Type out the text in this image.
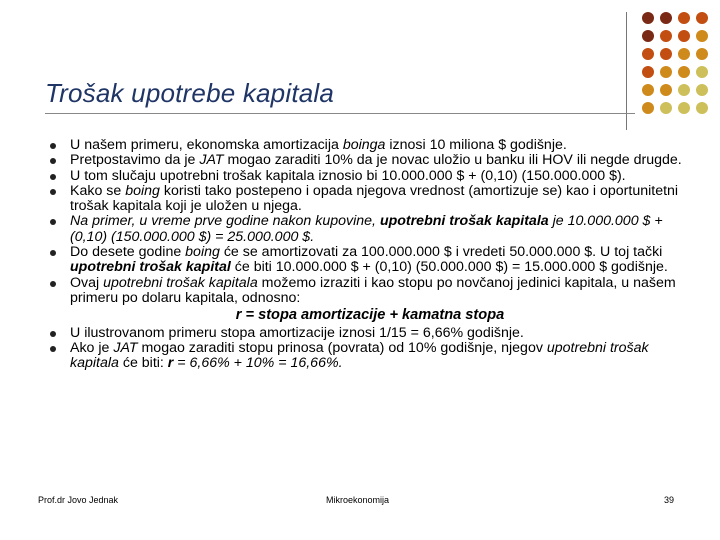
Trošak upotrebe kapitala
U našem primeru, ekonomska amortizacija boinga iznosi 10 miliona $ godišnje.
Pretpostavimo da je JAT mogao zaraditi 10% da je novac uložio u banku ili HOV ili negde drugde.
U tom slučaju upotrebni trošak kapitala iznosio bi 10.000.000 $ + (0,10) (150.000.000 $).
Kako se boing koristi tako postepeno i opada njegova vrednost (amortizuje se) kao i oportunitetni trošak kapitala koji je uložen u njega.
Na primer, u vreme prve godine nakon kupovine, upotrebni trošak kapitala je 10.000.000 $ + (0,10) (150.000.000 $) = 25.000.000 $.
Do desete godine boing će se amortizovati za 100.000.000 $ i vredeti 50.000.000 $. U toj tački upotrebni trošak kapital će biti 10.000.000 $ + (0,10) (50.000.000 $) = 15.000.000 $ godišnje.
Ovaj upotrebni trošak kapitala možemo izraziti i kao stopu po novčanoj jedinici kapitala, u našem primeru po dolaru kapitala, odnosno:
r = stopa amortizacije + kamatna stopa
U ilustrovanom primeru stopa amortizacije iznosi 1/15 = 6,66% godišnje.
Ako je JAT mogao zaraditi stopu prinosa (povrata) od 10% godišnje, njegov upotrebni trošak kapitala će biti: r = 6,66% + 10% = 16,66%.
Prof.dr Jovo Jednak	Mikroekonomija	39
